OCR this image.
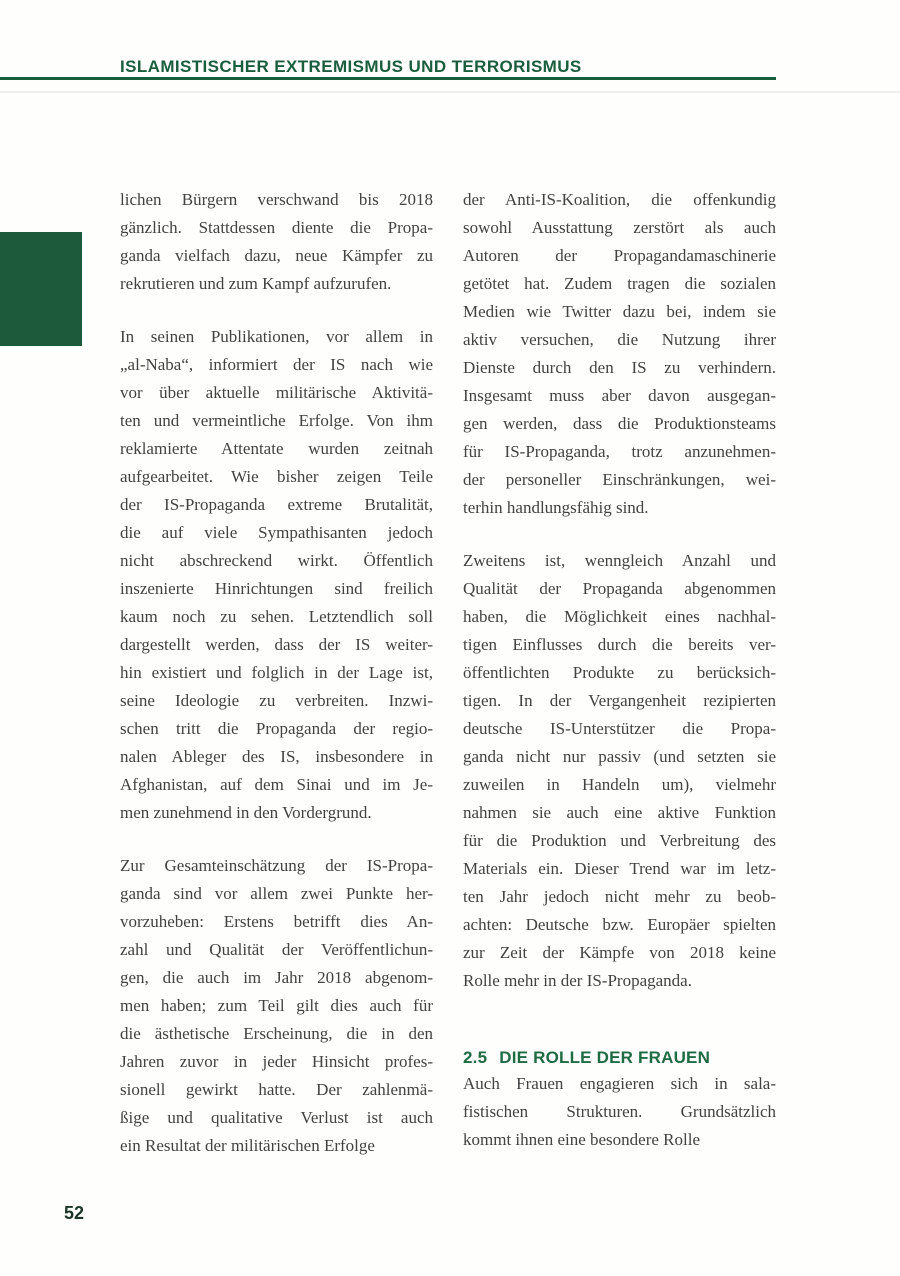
ISLAMISTISCHER EXTREMISMUS UND TERRORISMUS

lichen Bürgern verschwand bis 2018
gänzlich. Stattdessen diente die Propa-
ganda vielfach dazu, neue Kämpfer zu
rekrutieren und zum Kampf aufzurufen.

In seinen Publikationen, vor allem in
„al-Naba“, informiert der IS nach wie
vor über aktuelle militärische Aktivitä-
ten und vermeintliche Erfolge. Von ihm
reklamierte Attentate wurden zeitnah
aufgearbeitet. Wie bisher zeigen Teile
der IS-Propaganda extreme Brutalität,
die auf viele Sympathisanten jedoch
nicht abschreckend wirkt. Öffentlich
inszenierte Hinrichtungen sind freilich
kaum noch zu sehen. Letztendlich soll
dargestellt werden, dass der IS weiter-
hin existiert und folglich in der Lage ist,
seine Ideologie zu verbreiten. Inzwi-
schen tritt die Propaganda der regio-
nalen Ableger des IS, insbesondere in
Afghanistan, auf dem Sinai und im Je-
men zunehmend in den Vordergrund.

Zur Gesamteinschätzung der IS-Propa-
ganda sind vor allem zwei Punkte her-
vorzuheben: Erstens betrifft dies An-
zahl und Qualität der Veröffentlichun-
gen, die auch im Jahr 2018 abgenom-
men haben; zum Teil gilt dies auch für
die ästhetische Erscheinung, die in den
Jahren zuvor in jeder Hinsicht profes-
sionell gewirkt hatte. Der zahlenmä-
ßige und qualitative Verlust ist auch
ein Resultat der militärischen Erfolge

der Anti-IS-Koalition, die offenkundig
sowohl Ausstattung zerstört als auch
Autoren der Propagandamaschinerie
getötet hat. Zudem tragen die sozialen
Medien wie Twitter dazu bei, indem sie
aktiv versuchen, die Nutzung ihrer
Dienste durch den IS zu verhindern.
Insgesamt muss aber davon ausgegan-
gen werden, dass die Produktionsteams
für IS-Propaganda, trotz anzunehmen-
der personeller Einschränkungen, wei-
terhin handlungsfähig sind.

Zweitens ist, wenngleich Anzahl und
Qualität der Propaganda abgenommen
haben, die Möglichkeit eines nachhal-
tigen Einflusses durch die bereits ver-
öffentlichten Produkte zu berücksich-
tigen. In der Vergangenheit rezipierten
deutsche IS-Unterstützer die Propa-
ganda nicht nur passiv (und setzten sie
zuweilen in Handeln um), vielmehr
nahmen sie auch eine aktive Funktion
für die Produktion und Verbreitung des
Materials ein. Dieser Trend war im letz-
ten Jahr jedoch nicht mehr zu beob-
achten: Deutsche bzw. Europäer spielten
zur Zeit der Kämpfe von 2018 keine
Rolle mehr in der IS-Propaganda.

2.5 DIE ROLLE DER FRAUEN

Auch Frauen engagieren sich in sala-
fistischen Strukturen. Grundsätzlich
kommt ihnen eine besondere Rolle

52
